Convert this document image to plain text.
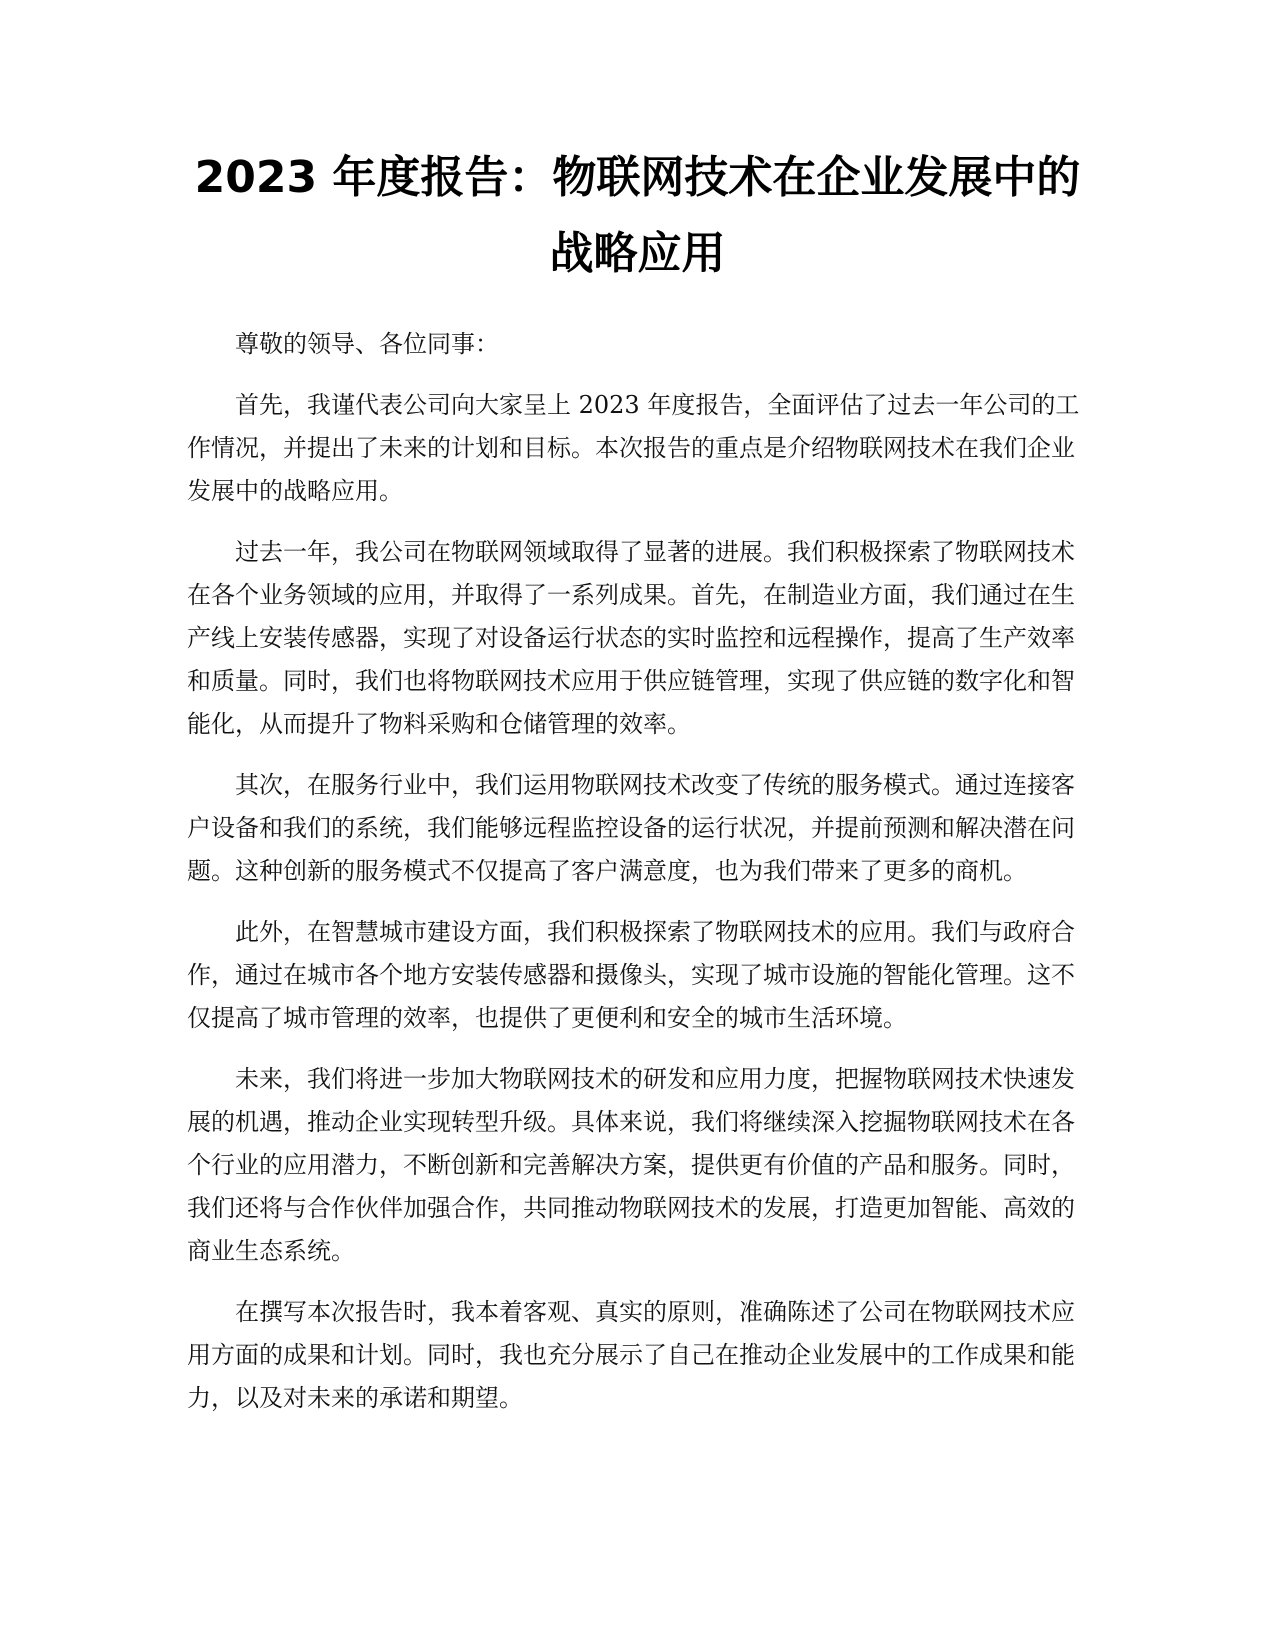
2023 年度报告：物联网技术在企业发展中的
战略应用

尊敬的领导、各位同事：

首先，我谨代表公司向大家呈上 2023 年度报告，全面评估了过去一年公司的工作情况，并提出了未来的计划和目标。本次报告的重点是介绍物联网技术在我们企业发展中的战略应用。

过去一年，我公司在物联网领域取得了显著的进展。我们积极探索了物联网技术在各个业务领域的应用，并取得了一系列成果。首先，在制造业方面，我们通过在生产线上安装传感器，实现了对设备运行状态的实时监控和远程操作，提高了生产效率和质量。同时，我们也将物联网技术应用于供应链管理，实现了供应链的数字化和智能化，从而提升了物料采购和仓储管理的效率。

其次，在服务行业中，我们运用物联网技术改变了传统的服务模式。通过连接客户设备和我们的系统，我们能够远程监控设备的运行状况，并提前预测和解决潜在问题。这种创新的服务模式不仅提高了客户满意度，也为我们带来了更多的商机。

此外，在智慧城市建设方面，我们积极探索了物联网技术的应用。我们与政府合作，通过在城市各个地方安装传感器和摄像头，实现了城市设施的智能化管理。这不仅提高了城市管理的效率，也提供了更便利和安全的城市生活环境。

未来，我们将进一步加大物联网技术的研发和应用力度，把握物联网技术快速发展的机遇，推动企业实现转型升级。具体来说，我们将继续深入挖掘物联网技术在各个行业的应用潜力，不断创新和完善解决方案，提供更有价值的产品和服务。同时，我们还将与合作伙伴加强合作，共同推动物联网技术的发展，打造更加智能、高效的商业生态系统。

在撰写本次报告时，我本着客观、真实的原则，准确陈述了公司在物联网技术应用方面的成果和计划。同时，我也充分展示了自己在推动企业发展中的工作成果和能力，以及对未来的承诺和期望。
